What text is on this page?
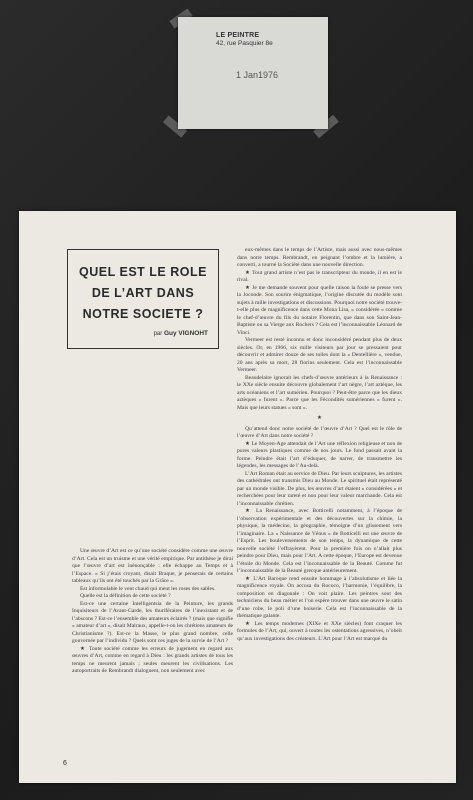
LE PEINTRE
42, rue Pasquier 8e
1 Jan1976
QUEL EST LE ROLE
DE L’ART DANS
NOTRE SOCIETE ?
par Guy VIGNOHT

Une œuvre d’Art est ce qu’une société considère comme une œuvre d’Art. Cela est un truisme et une vérité empirique. Par antithèse je dirai que l’œuvre d’art est inénonçable : elle échappe au Temps et à l’Espace. « Si j’étais croyant, disait Braque, je penserais de certains tableaux qu’ils ont été touchés par la Grâce ».

Est informulable le vent chaud qui meut les roses des sables.

Quelle est la définition de cette société ?

Est-ce une certaine Intelligentsia de la Peinture, les grands Inquisiteurs de l’Avant-Garde, les thuriféraires de l’inexistant et de l’abscons ? Est-ce l’ensemble des amateurs éclairés ? (mais que signifie « amateur d’art », disait Malraux, appelle-t-on les chrétiens amateurs de Christianisme ?). Est-ce la Masse, le plus grand nombre, celle gouvernée par l’individu ? Quels sont ces juges de la survie de l’Art ?

★ Toute société comme les erreurs de jugement en regard aux œuvres d’Art, comme en regard à Dieu : les grands artistes de tous les temps ne meurent jamais ; seules meurent les civilisations. Les autoportraits de Rembrandt dialoguent, non seulement avec

eux-mêmes dans le temps de l’Artiste, mais aussi avec nous-mêmes dans notre temps. Rembrandt, en peignant l’ombre et la lumière, a converti, a tourné la Société dans une nouvelle direction.

★ Tout grand artiste n’est pas le transcripteur du monde, il en est le rival.

★ Je me demande souvent pour quelle raison la foule se presse vers la Joconde. Son sourire énigmatique, l’origine discutée du modèle sont sujets à mille investigations et discussions. Pourquoi notre société trouve-t-elle plus de magnificence dans cette Mona Lisa, « considérée » comme le chef-d’œuvre du fils du notaire Florentin, que dans son Saint-Jean-Baptiste ou sa Vierge aux Rochers ? Cela est l’inconnaissable Léonard de Vinci.

Vermeer est resté inconnu et donc inconsidéré pendant plus de deux siècles. Or, en 1966, six mille visiteurs par jour se pressaient pour découvrir et admirer douze de ses toiles dont la « Dentellière », vendue, 20 ans après sa mort, 28 florins seulement. Cela est l’inconnaissable Vermeer.

Beaudelaire ignorait les chefs-d’œuvre antérieurs à la Renaissance : le XXe siècle ensuite découvre globalement l’art nègre, l’art aztèque, les arts océaniens et l’art sumérien. Pourquoi ? Peut-être parce que les dieux aztèques « furent ». Parce que les Fécondités sumériennes « furent ». Mais que leurs statues « sont ».

★

Qu’attend donc notre société de l’œuvre d’Art ? Quel est le rôle de l’œuvre d’Art dans notre société ?

★ Le Moyen-Age attendait de l’Art une réflexion religieuse et non de pures valeurs plastiques comme de nos jours. Le fond passait avant la forme. Peindre était l’art d’éduquer, de narrer, de transmettre les légendes, les messages de l’Au-delà.

L’Art Roman était au service de Dieu. Par leurs sculptures, les artistes des cathédrales ont transmis Dieu au Monde. Le spirituel était représenté par un monde visible. De plus, les œuvres d’art étaient « considérées » et recherchées pour leur rareté et non pour leur valeur marchande. Cela est l’inconnaissable chrétien.

★ La Renaissance, avec Botticelli notamment, à l’époque de l’observation expérimentale et des découvertes sur la chimie, la physique, la médecine, la géographie, témoigne d’un glissement vers l’imaginaire. La « Naissance de Vénus » de Botticelli est une œuvre de l’Esprit. Les bouleversements de son temps, la dynamique de cette nouvelle société l’effrayèrent. Pour la première fois on n’allait plus peindre pour Dieu, mais pour l’Art. A cette époque, l’Europe est devenue l’étoile du Monde. Cela est l’inconnaissable de la Beauté. Comme fut l’inconnaissable de la Beauté grecque antérieurement.

★ L’Art Baroque rend ensuite hommage à l’absolutisme et liée la magnificence royale. On accusa du Rococo, l’harmonie, l’équilibre, la composition en diagonale : On voit plaire. Les peintres sont des techniciens du beau métier et l’on espère trouver dans une œuvre le satin d’une robe, le poli d’une boiserie. Cela est l’inconnaissable de la thématique galante.

★ Les temps modernes (XIXe et XXe siècles) font craquer les formules de l’Art, qui, ouvert à toutes les ostentations agressives, n’obéit qu’aux investigations des créateurs. L’Art pour l’Art est marqué du

6
